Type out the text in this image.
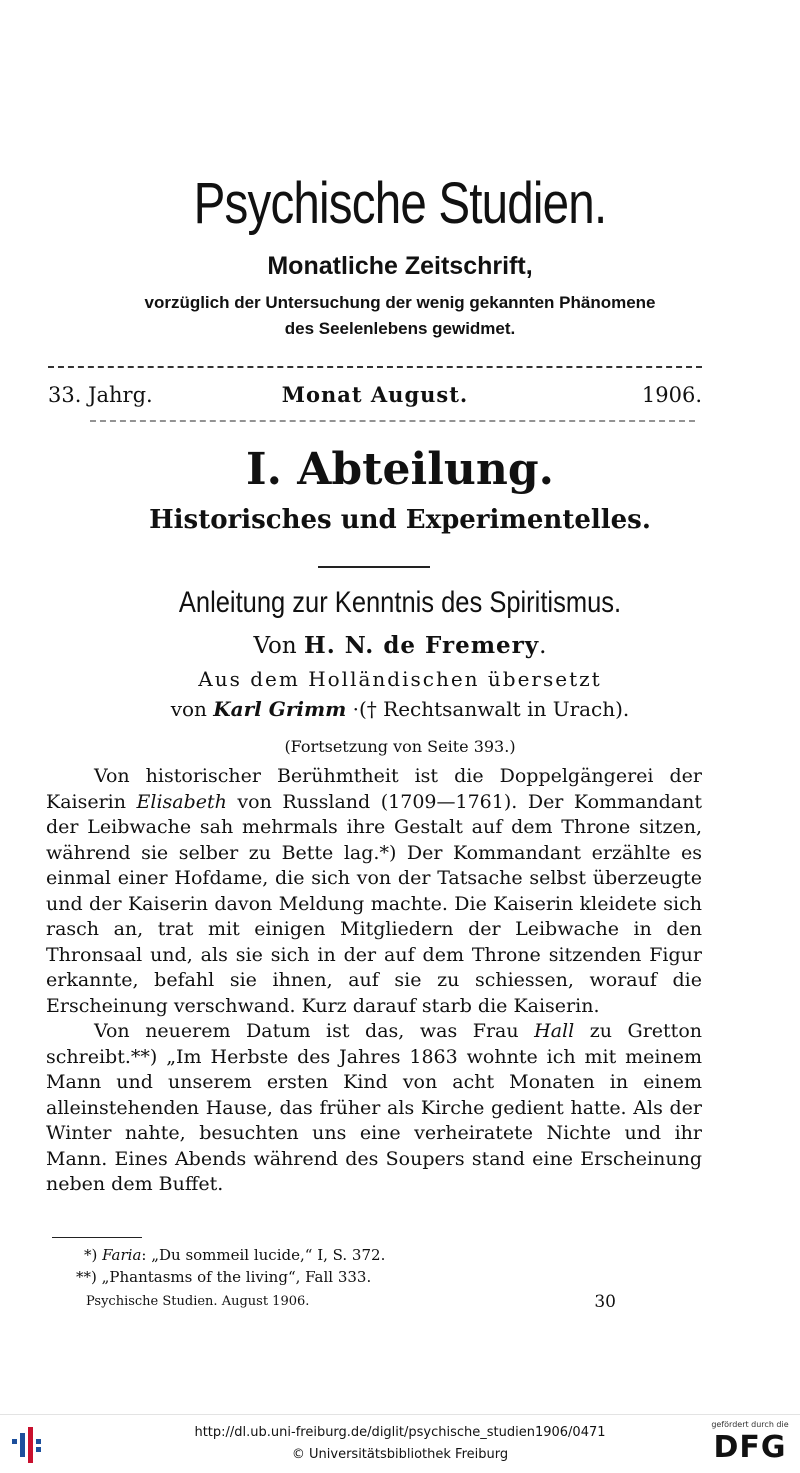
Psychische Studien.
Monatliche Zeitschrift,
vorzüglich der Untersuchung der wenig gekannten Phänomene
des Seelenlebens gewidmet.
33. Jahrg.	Monat August.	1906.
I. Abteilung.
Historisches und Experimentelles.
Anleitung zur Kenntnis des Spiritismus.
Von H. N. de Fremery.
Aus dem Holländischen übersetzt
von Karl Grimm ·(† Rechtsanwalt in Urach).
(Fortsetzung von Seite 393.)

Von historischer Berühmtheit ist die Doppelgängerei der Kaiserin Elisabeth von Russland (1709—1761). Der Kommandant der Leibwache sah mehrmals ihre Gestalt auf dem Throne sitzen, während sie selber zu Bette lag.*) Der Kommandant erzählte es einmal einer Hofdame, die sich von der Tatsache selbst überzeugte und der Kaiserin davon Meldung machte. Die Kaiserin kleidete sich rasch an, trat mit einigen Mitgliedern der Leibwache in den Thronsaal und, als sie sich in der auf dem Throne sitzenden Figur erkannte, befahl sie ihnen, auf sie zu schiessen, worauf die Erscheinung verschwand. Kurz darauf starb die Kaiserin.

Von neuerem Datum ist das, was Frau Hall zu Gretton schreibt.**) „Im Herbste des Jahres 1863 wohnte ich mit meinem Mann und unserem ersten Kind von acht Monaten in einem alleinstehenden Hause, das früher als Kirche gedient hatte. Als der Winter nahte, besuchten uns eine verheiratete Nichte und ihr Mann. Eines Abends während des Soupers stand eine Erscheinung neben dem Buffet.

*) Faria: „Du sommeil lucide,“ I, S. 372.
**) „Phantasms of the living“, Fall 333.
Psychische Studien. August 1906.	30
http://dl.ub.uni-freiburg.de/diglit/psychische_studien1906/0471
© Universitätsbibliothek Freiburg
gefördert durch die
DFG
